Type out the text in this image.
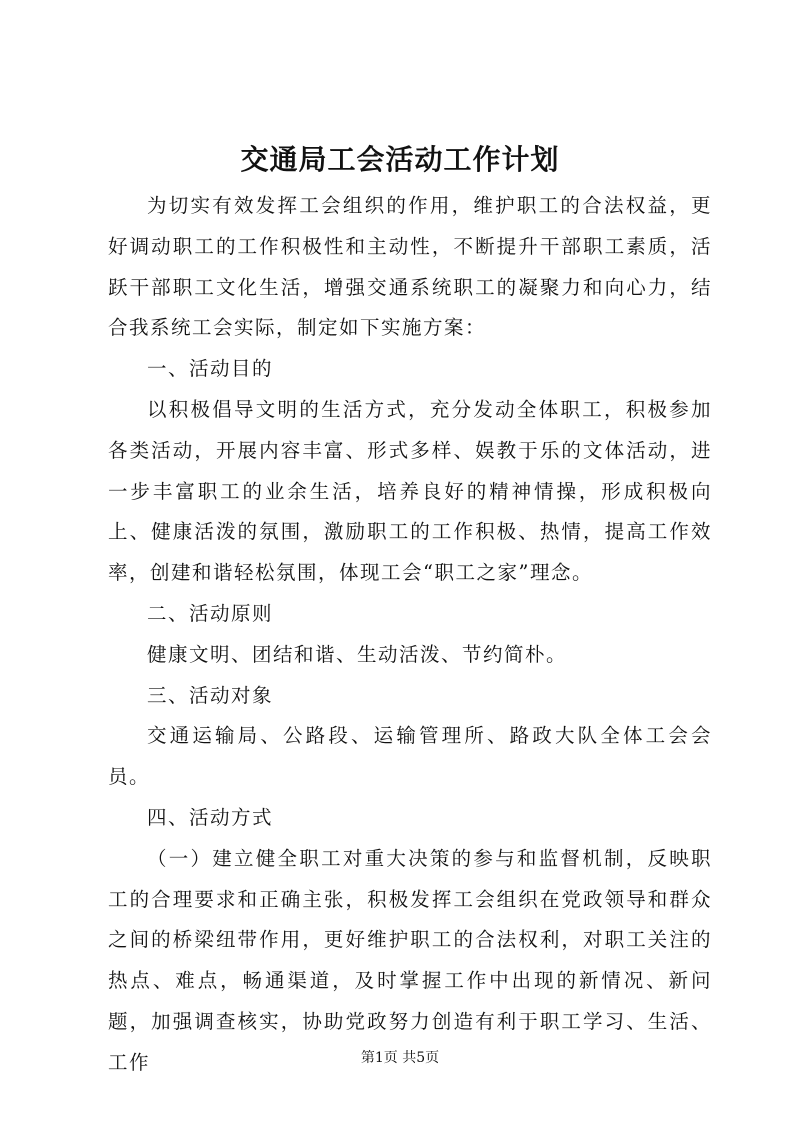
交通局工会活动工作计划

为切实有效发挥工会组织的作用，维护职工的合法权益，更好调动职工的工作积极性和主动性，不断提升干部职工素质，活跃干部职工文化生活，增强交通系统职工的凝聚力和向心力，结合我系统工会实际，制定如下实施方案：

一、活动目的

以积极倡导文明的生活方式，充分发动全体职工，积极参加各类活动，开展内容丰富、形式多样、娱教于乐的文体活动，进一步丰富职工的业余生活，培养良好的精神情操，形成积极向上、健康活泼的氛围，激励职工的工作积极、热情，提高工作效率，创建和谐轻松氛围，体现工会“职工之家”理念。

二、活动原则

健康文明、团结和谐、生动活泼、节约简朴。

三、活动对象

交通运输局、公路段、运输管理所、路政大队全体工会会员。

四、活动方式

（一）建立健全职工对重大决策的参与和监督机制，反映职工的合理要求和正确主张，积极发挥工会组织在党政领导和群众之间的桥梁纽带作用，更好维护职工的合法权利，对职工关注的热点、难点，畅通渠道，及时掌握工作中出现的新情况、新问题，加强调查核实，协助党政努力创造有利于职工学习、生活、工作	第1页 共5页
